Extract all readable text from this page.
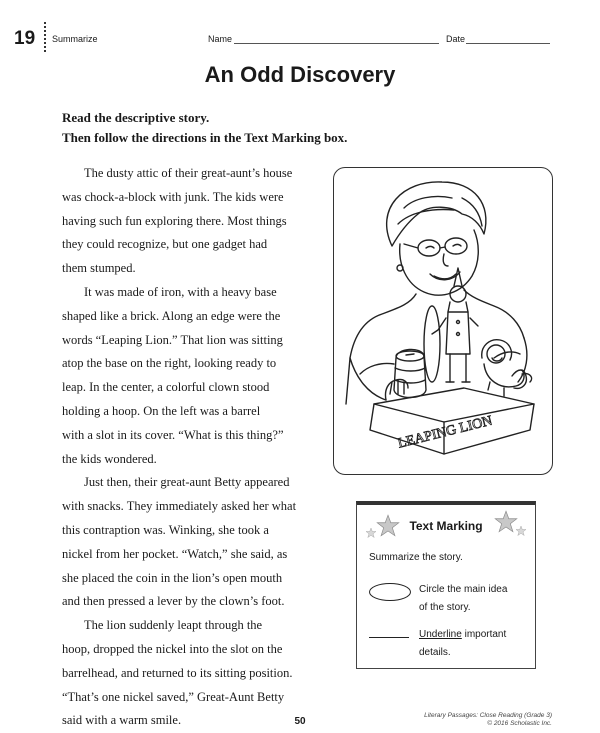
19 Summarize	Name	Date
An Odd Discovery
Read the descriptive story.
Then follow the directions in the Text Marking box.

The dusty attic of their great-aunt’s house

was chock-a-block with junk. The kids were

having such fun exploring there. Most things

they could recognize, but one gadget had

them stumped.

It was made of iron, with a heavy base

shaped like a brick. Along an edge were the

words “Leaping Lion.” That lion was sitting

atop the base on the right, looking ready to

leap. In the center, a colorful clown stood

holding a hoop. On the left was a barrel

with a slot in its cover. “What is this thing?”

the kids wondered.

Just then, their great-aunt Betty appeared

with snacks. They immediately asked her what

this contraption was. Winking, she took a

nickel from her pocket. “Watch,” she said, as

she placed the coin in the lion’s open mouth

and then pressed a lever by the clown’s foot.

The lion suddenly leapt through the

hoop, dropped the nickel into the slot on the

barrelhead, and returned to its sitting position.

“That’s one nickel saved,” Great-Aunt Betty

said with a warm smile.

LEAPING LION
Text Marking
Summarize the story.
Circle the main idea
of the story.
Underline important
details.
50
Literary Passages: Close Reading (Grade 3)
© 2016 Scholastic Inc.
